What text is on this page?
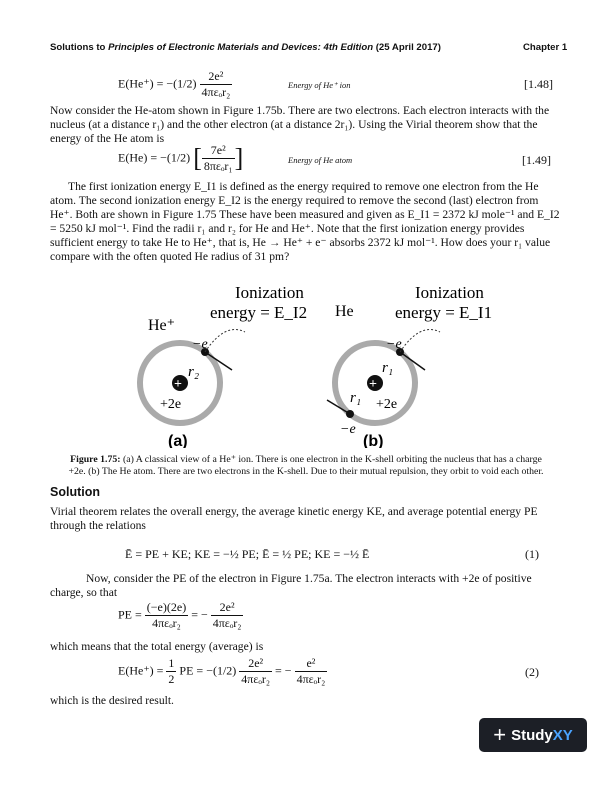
Solutions to Principles of Electronic Materials and Devices: 4th Edition (25 April 2017)	Chapter 1
$E(He^+) = -(1/2) \frac{\text{2e²}}{\text{4πεₒr₂}}$	Energy of He⁺ ion	[1.48]
Now consider the He-atom shown in Figure 1.75b. There are two electrons. Each electron interacts with the nucleus (at a distance r₁) and the other electron (at a distance 2r₁). Using the Virial theorem show that the energy of the He atom is
E(He) = −(1/2) [ $\frac{\text{7e²}}{\text{8πεₒr₁}}$ ]	Energy of He atom	[1.49]
The first ionization energy E_I1 is defined as the energy required to remove one electron from the He atom. The second ionization energy E_I2 is the energy required to remove the second (last) electron from He⁺. Both are shown in Figure 1.75 These have been measured and given as E_I1 = 2372 kJ mole⁻¹ and E_I2 = 5250 kJ mol⁻¹. Find the radii r₁ and r₂ for He and He⁺. Note that the first ionization energy provides sufficient energy to take He to He⁺, that is, He → He⁺ + e⁻ absorbs 2372 kJ mol⁻¹. How does your r₁ value compare with the often quoted He radius of 31 pm?
He⁺
Ionization
energy = E_I2
+
−e
r₂
+2e
(a)
He
Ionization
energy = E_I1
+
−e
−e
r₁
r₁ +2e
(b)
Figure 1.75: (a) A classical view of a He⁺ ion. There is one electron in the K-shell orbiting the nucleus that has a charge +2e. (b) The He atom. There are two electrons in the K-shell. Due to their mutual repulsion, they orbit to void each other.
Solution
Virial theorem relates the overall energy, the average kinetic energy KE, and average potential energy PE through the relations
Ē = PE + KE; KE = −½ PE; Ē = ½ PE; KE = −½ Ē	(1)
Now, consider the PE of the electron in Figure 1.75a. The electron interacts with +2e of positive charge, so that
PE = $\frac{(-e)(2e)}{\text{4πεₒr₂}}$ = − $\frac{\text{2e²}}{\text{4πεₒr₂}}$
which means that the total energy (average) is
$E(He^+) = \frac{1}{2}$ PE = $-(1/2) \frac{\text{2e²}}{\text{4πεₒr₂}}$ = − $\frac{\text{e²}}{\text{4πεₒr₂}}$	(2)
which is the desired result.
+ StudyXY
